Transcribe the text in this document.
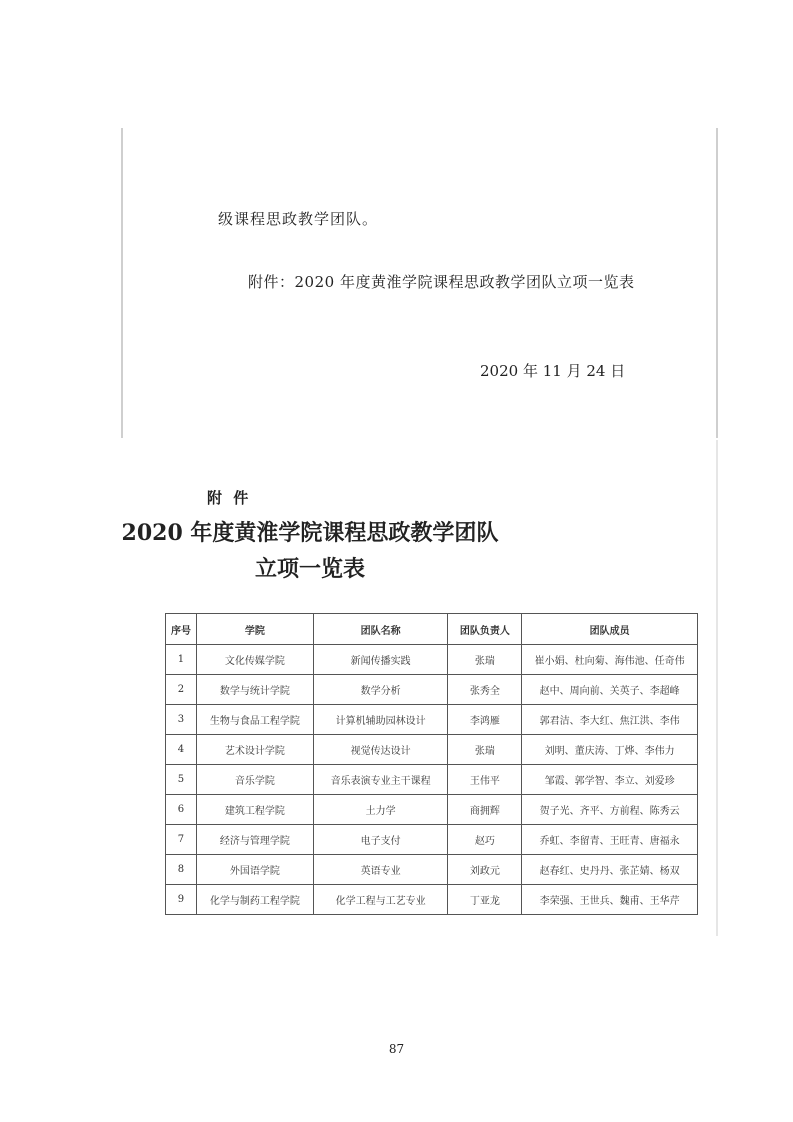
级课程思政教学团队。
附件：2020 年度黄淮学院课程思政教学团队立项一览表
2020 年 11 月 24 日
附 件
2020 年度黄淮学院课程思政教学团队
立项一览表
序号	学院	团队名称	团队负责人	团队成员
1	文化传媒学院	新闻传播实践	张瑞	崔小娟、杜向菊、海伟池、任奇伟
2	数学与统计学院	数学分析	张秀全	赵中、周向前、关英子、李超峰
3	生物与食品工程学院	计算机辅助园林设计	李鸿雁	郭君洁、李大红、焦江洪、李伟
4	艺术设计学院	视觉传达设计	张瑞	刘明、董庆涛、丁烨、李伟力
5	音乐学院	音乐表演专业主干课程	王伟平	邹霞、郭学智、李立、刘爱珍
6	建筑工程学院	土力学	商拥辉	贺子光、齐平、方前程、陈秀云
7	经济与管理学院	电子支付	赵巧	乔虹、李留青、王旺青、唐福永
8	外国语学院	英语专业	刘政元	赵春红、史丹丹、张芷婧、杨双
9	化学与制药工程学院	化学工程与工艺专业	丁亚龙	李荣强、王世兵、魏甫、王华芹
87
